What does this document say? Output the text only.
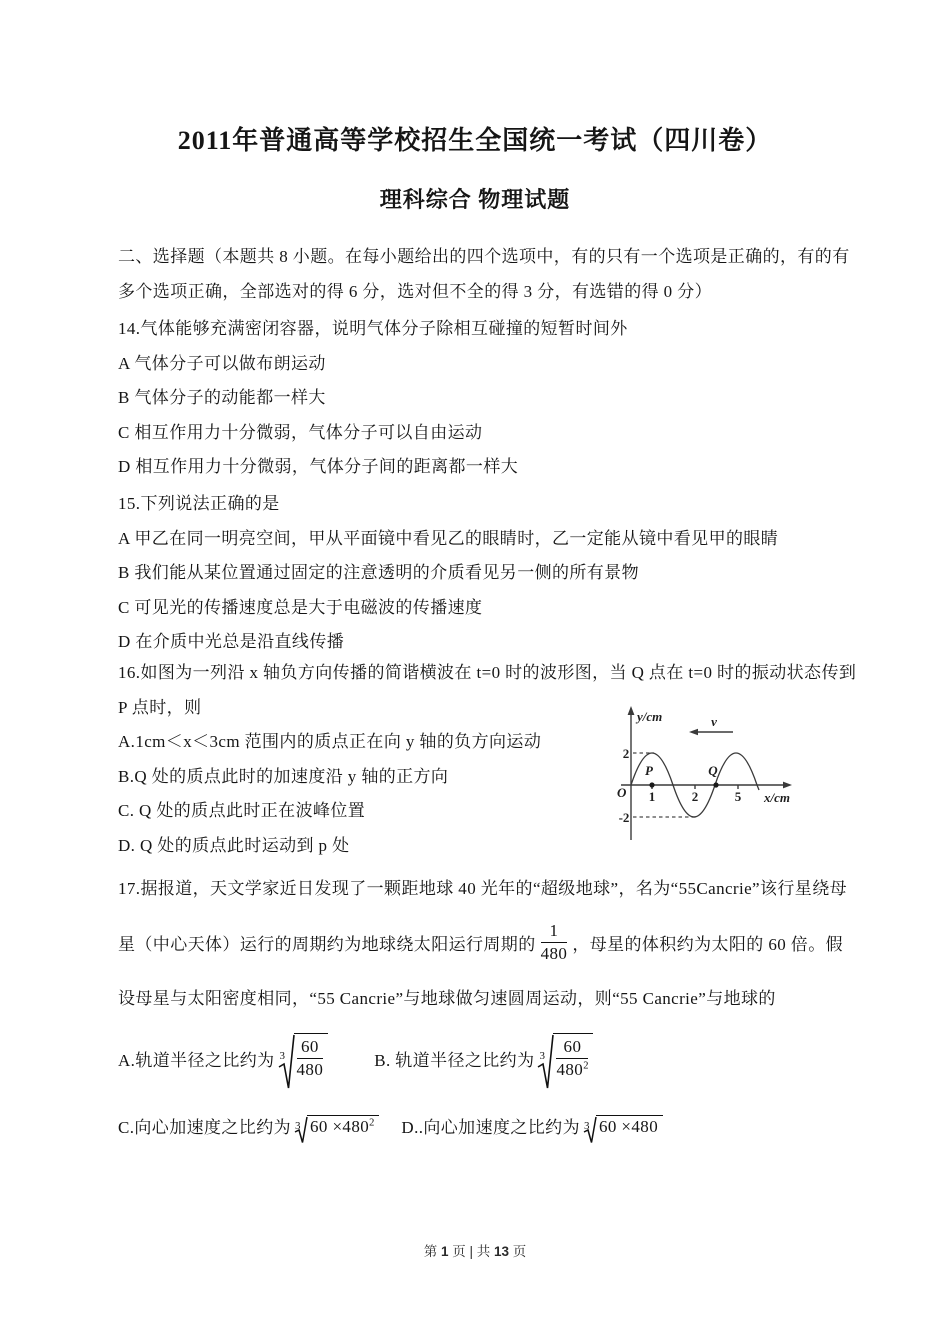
2011年普通高等学校招生全国统一考试（四川卷）
理科综合 物理试题
二、选择题（本题共 8 小题。在每小题给出的四个选项中，有的只有一个选项是正确的，有的有
多个选项正确，全部选对的得 6 分，选对但不全的得 3 分，有选错的得 0 分）
14.气体能够充满密闭容器，说明气体分子除相互碰撞的短暂时间外
A 气体分子可以做布朗运动
B 气体分子的动能都一样大
C 相互作用力十分微弱，气体分子可以自由运动
D 相互作用力十分微弱，气体分子间的距离都一样大
15.下列说法正确的是
A 甲乙在同一明亮空间，甲从平面镜中看见乙的眼睛时，乙一定能从镜中看见甲的眼睛
B 我们能从某位置通过固定的注意透明的介质看见另一侧的所有景物
C 可见光的传播速度总是大于电磁波的传播速度
D 在介质中光总是沿直线传播
16.如图为一列沿 x 轴负方向传播的简谐横波在 t=0 时的波形图，当 Q 点在 t=0 时的振动状态传到
P 点时，则
A.1cm＜x＜3cm 范围内的质点正在向 y 轴的负方向运动
B.Q 处的质点此时的加速度沿 y 轴的正方向
C. Q 处的质点此时正在波峰位置
D. Q 处的质点此时运动到 p 处
y/cm
x/cm
O
2
-2
1	2	5
P	Q
v
17.据报道，天文学家近日发现了一颗距地球 40 光年的“超级地球”，名为“55Cancrie”该行星绕母
星（中心天体）运行的周期约为地球绕太阳运行周期的 $\frac{1}{480}$ ，母星的体积约为太阳的 60 倍。假
设母星与太阳密度相同，“55 Cancrie”与地球做匀速圆周运动，则“55 Cancrie”与地球的
A.轨道半径之比约为 $3 \frac{60}{480}$	B. 轨道半径之比约为 $3 \frac{60}{480^2}$
C.向心加速度之比约为 3 $60 \times 480^2$ D..向心加速度之比约为 3 60 ×480
第 1 页 | 共 13 页
